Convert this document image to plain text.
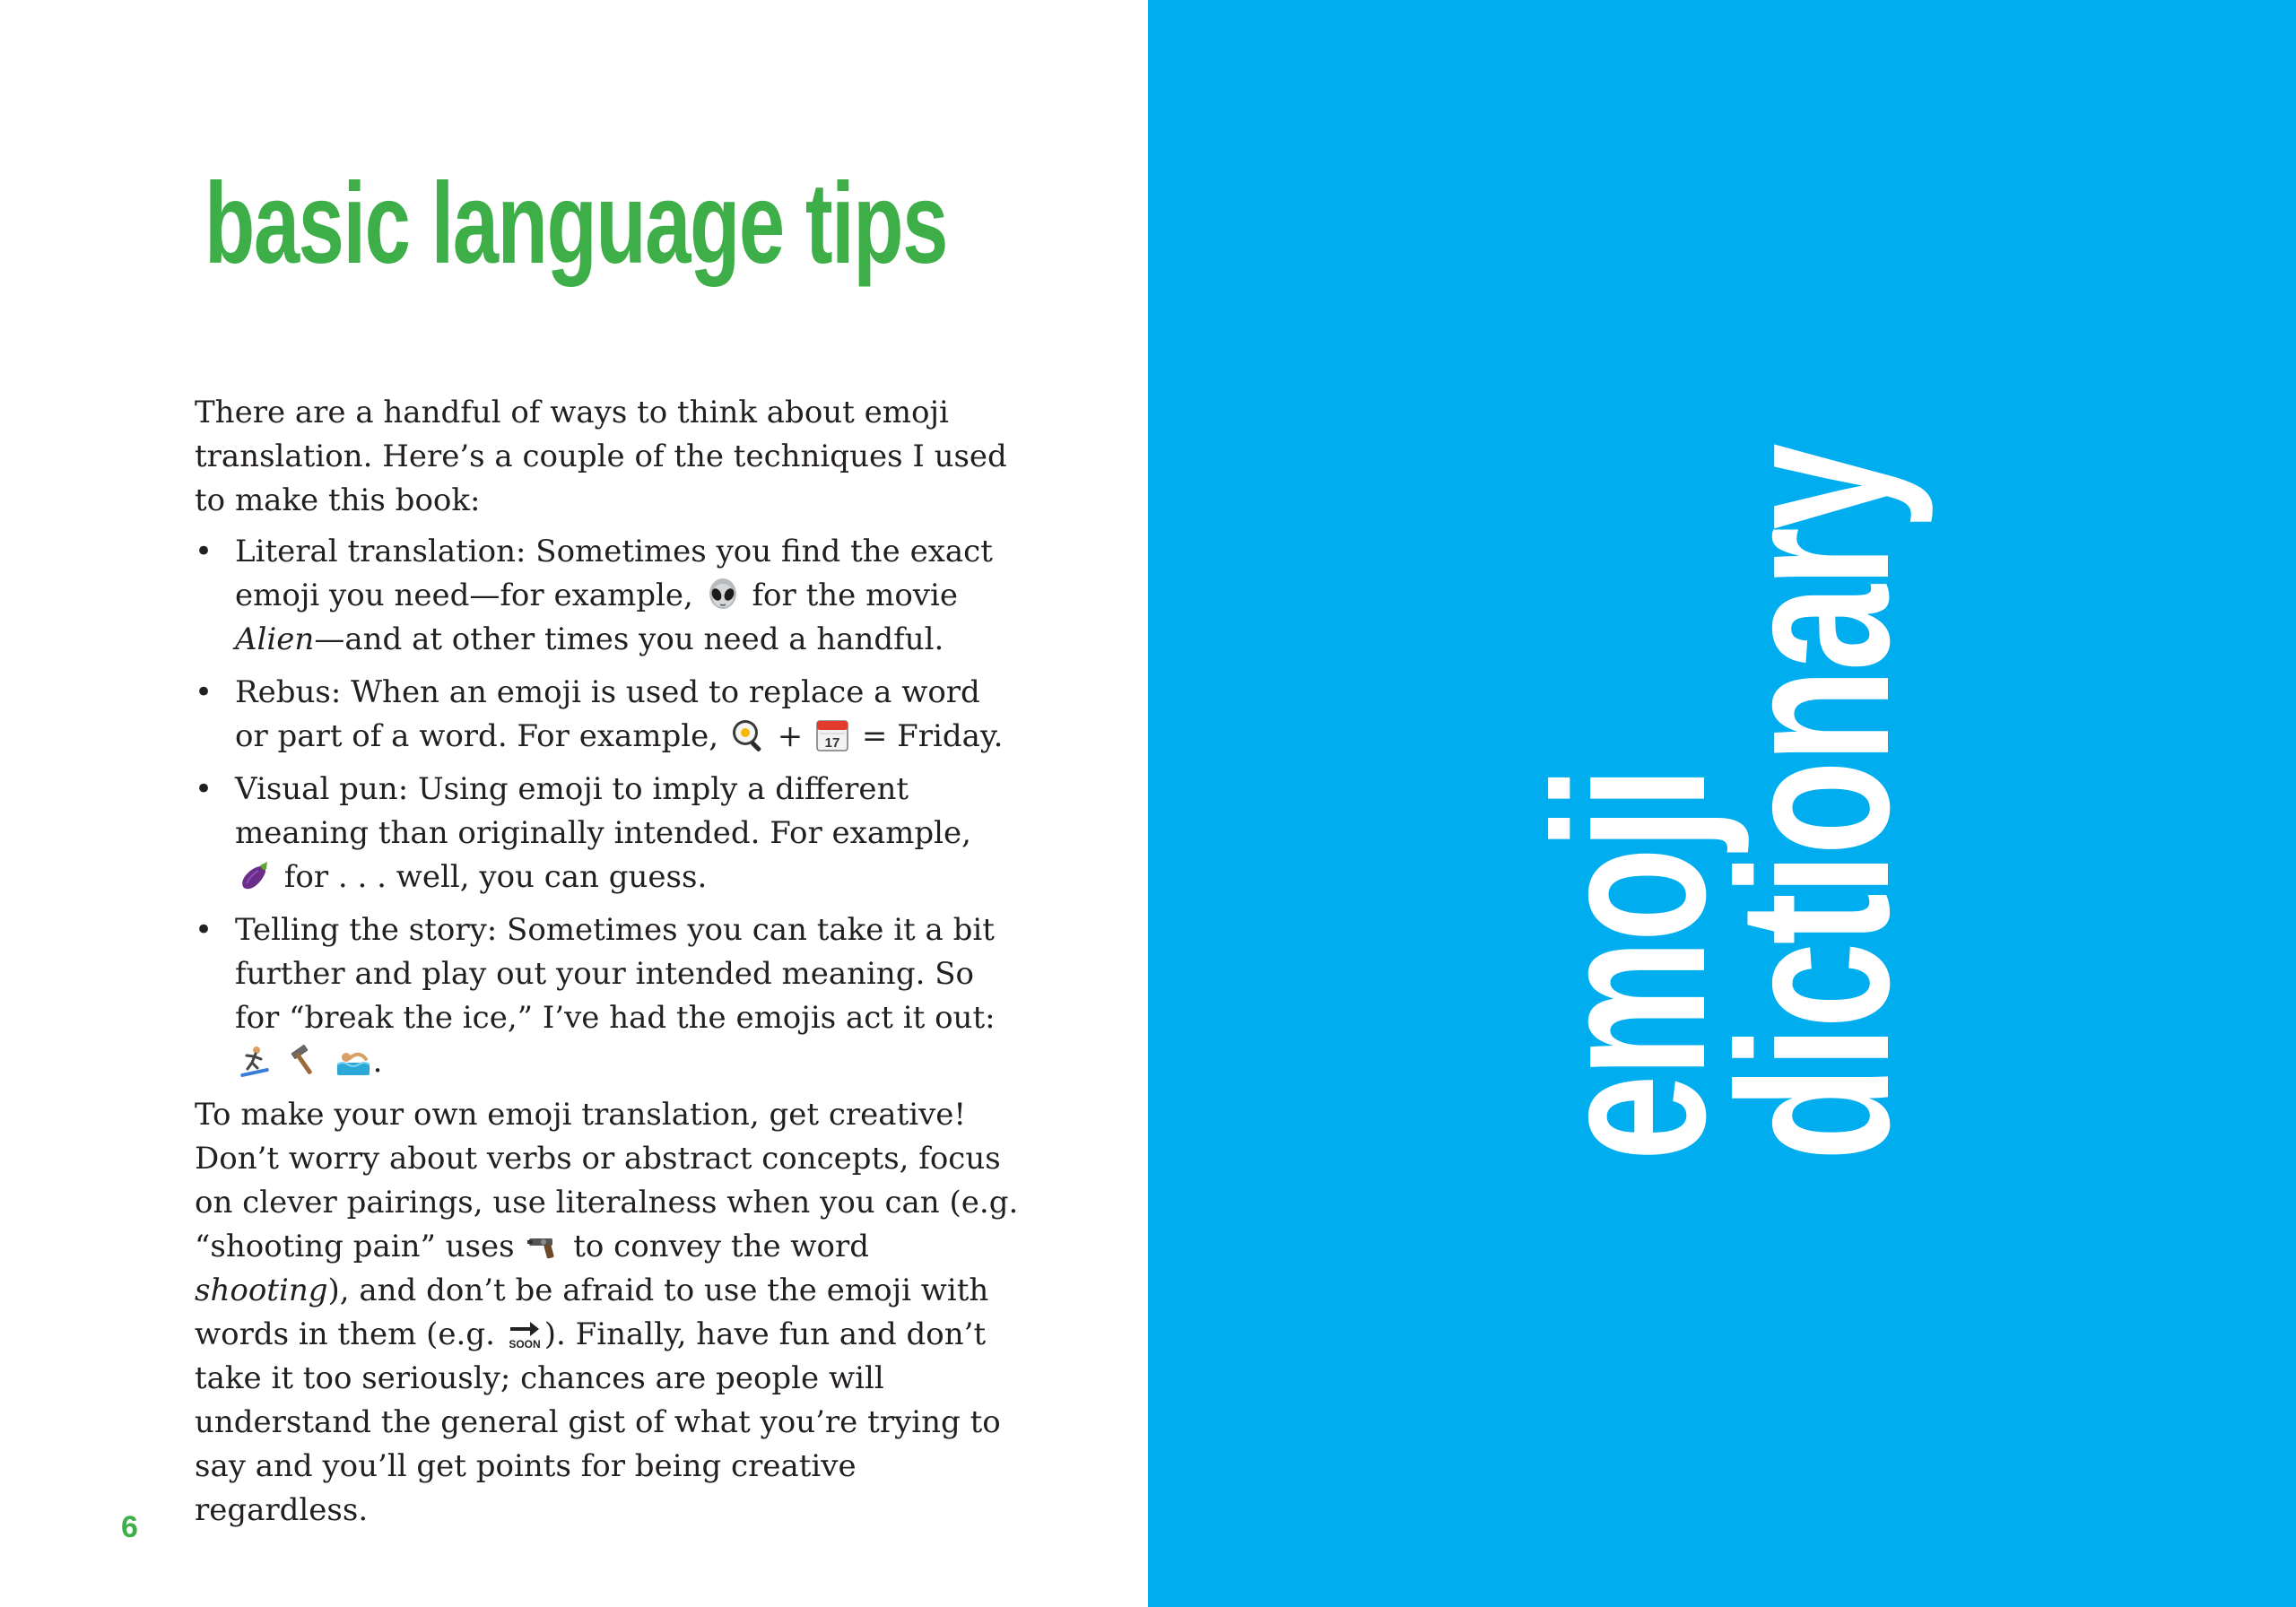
basic language tips

There are a handful of ways to think about emoji translation. Here’s a couple of the techniques I used to make this book:

• Literal translation: Sometimes you find the exact emoji you need—for example, for the movie Alien—and at other times you need a handful.
• Rebus: When an emoji is used to replace a word or part of a word. For example, + 17 = Friday.
• Visual pun: Using emoji to imply a different meaning than originally intended. For example,
for . . . well, you can guess.
• Telling the story: Sometimes you can take it a bit further and play out your intended meaning. So for “break the ice,” I’ve had the emojis act it out:

.

To make your own emoji translation, get creative! Don’t worry about verbs or abstract concepts, focus on clever pairings, use literalness when you can (e.g. “shooting pain” uses to convey the word shooting), and don’t be afraid to use the emoji with words in them (e.g. SOON ). Finally, have fun and don’t take it too seriously; chances are people will understand the general gist of what you’re trying to say and you’ll get points for being creative regardless.

6
emoji
dictionary
